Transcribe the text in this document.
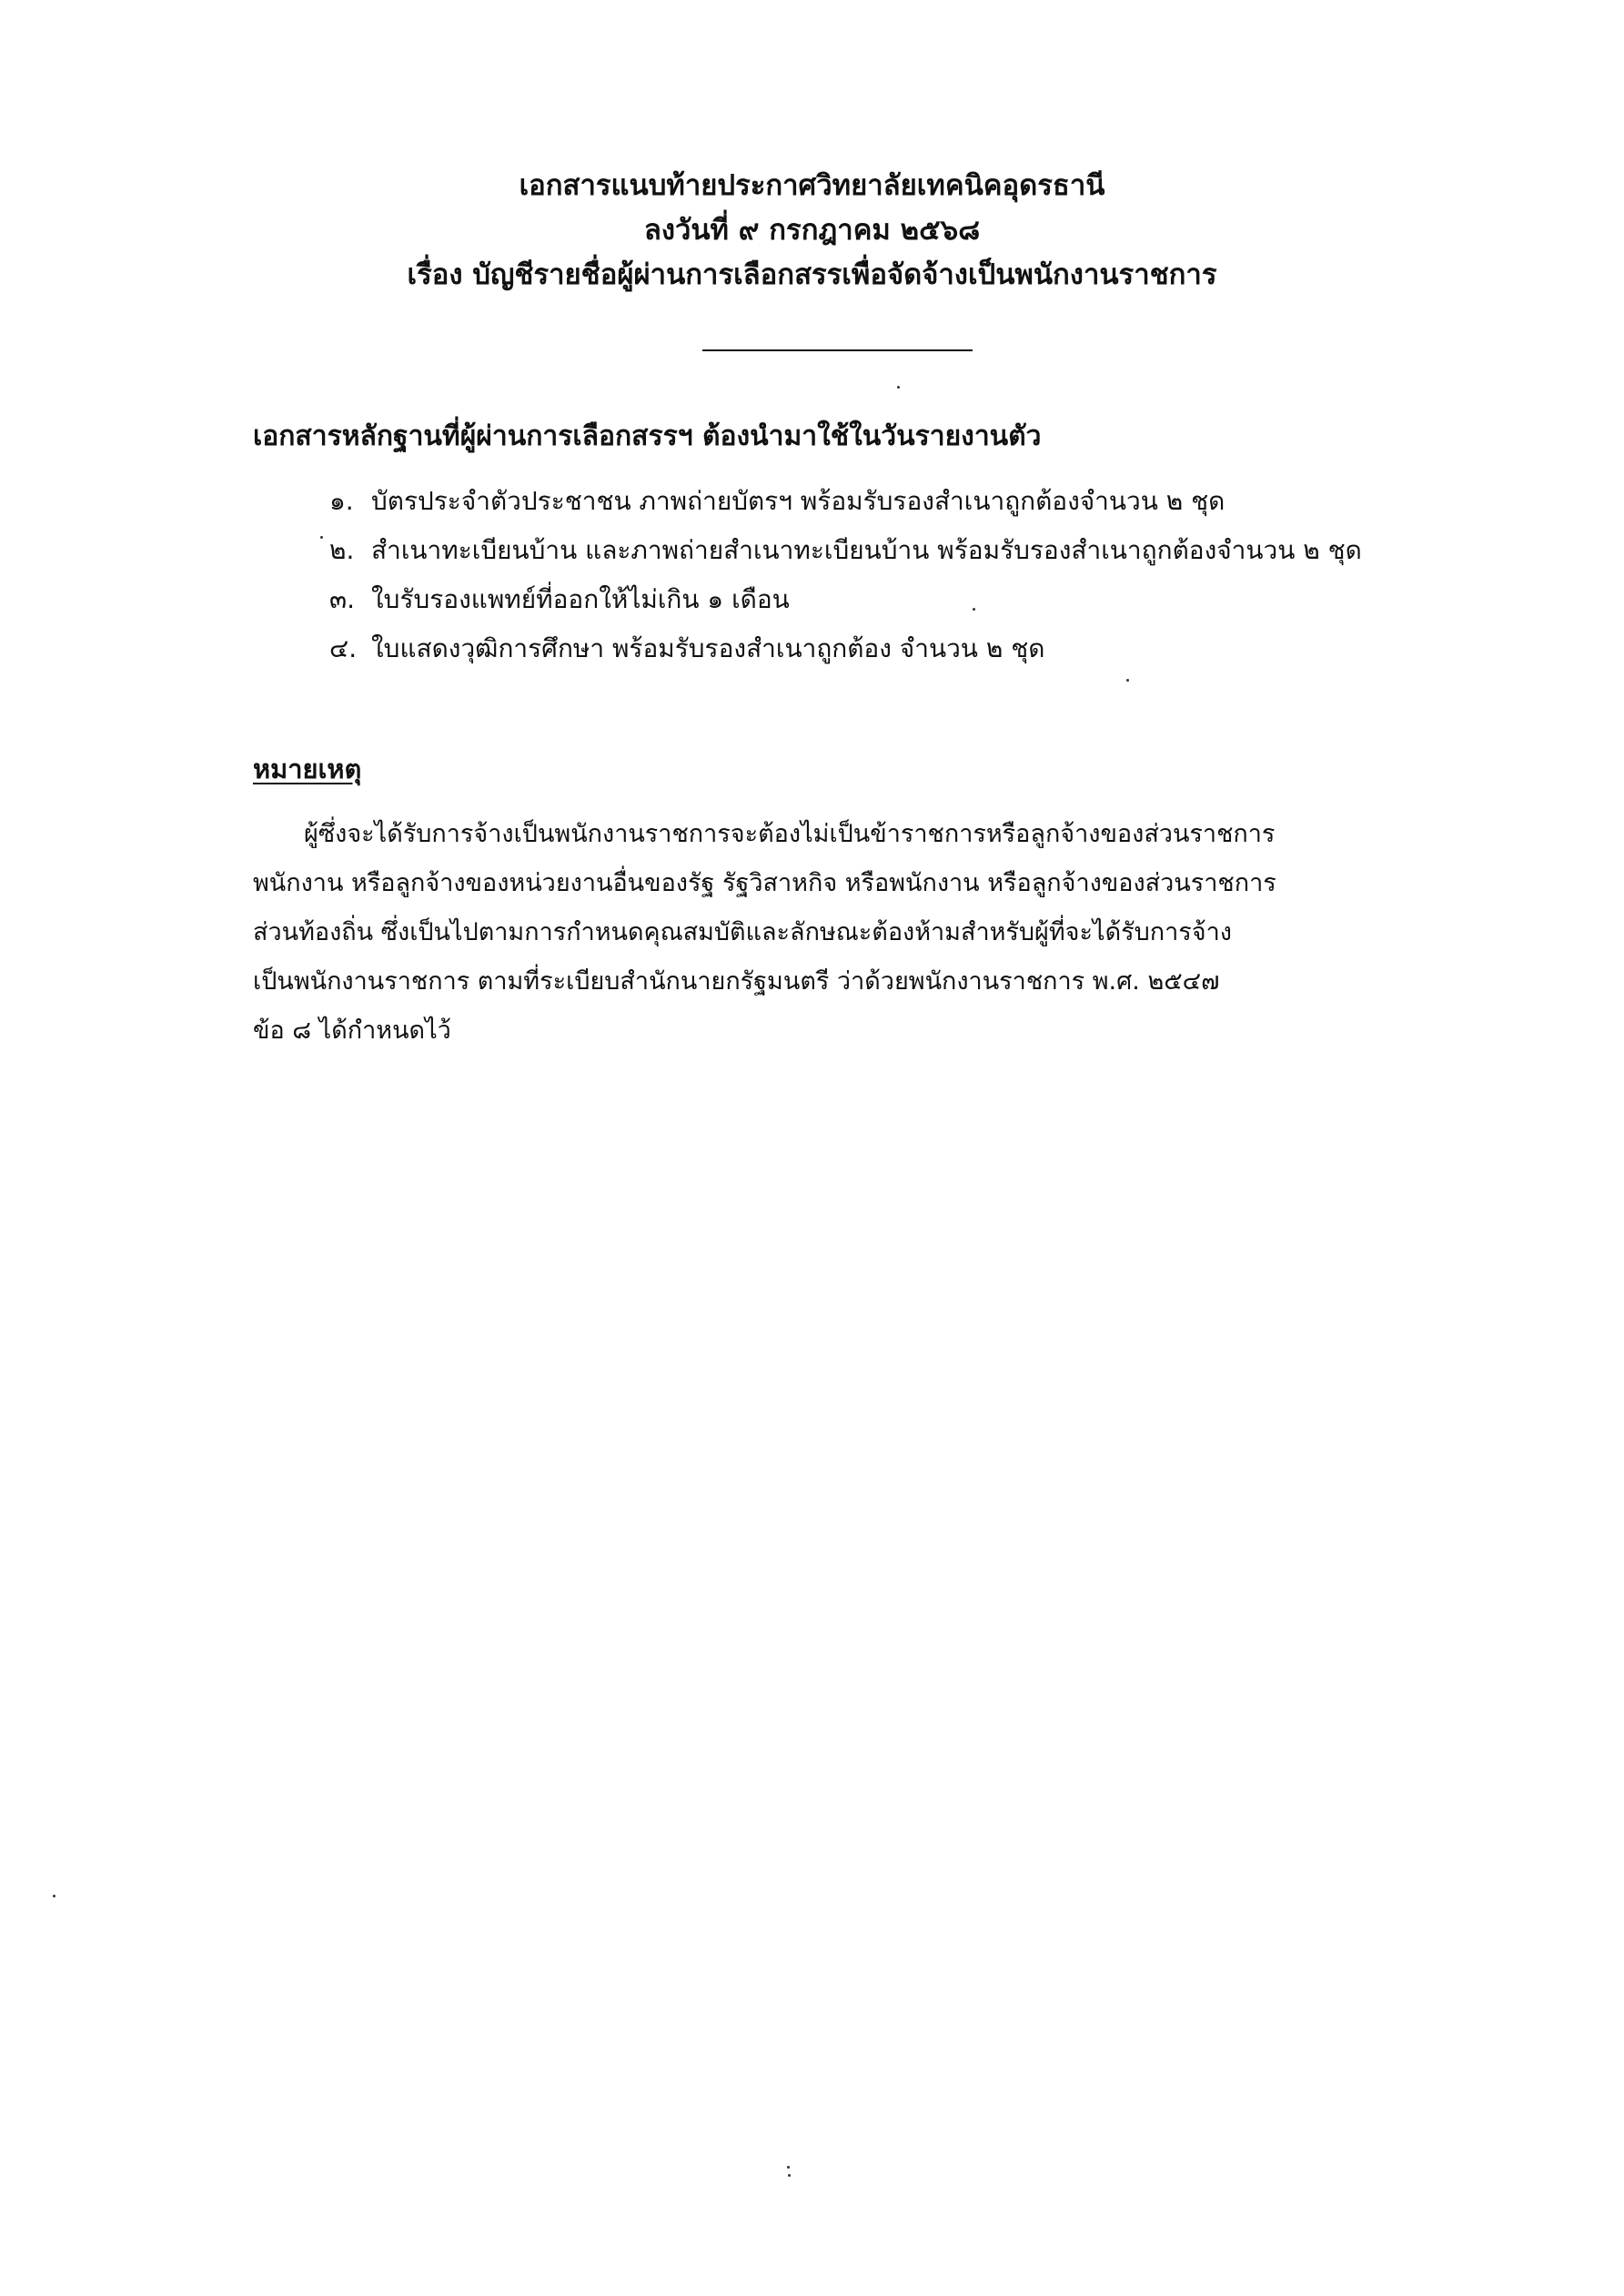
เอกสารแนบท้ายประกาศวิทยาลัยเทคนิคอุดรธานี
ลงวันที่ ๙ กรกฎาคม ๒๕๖๘
เรื่อง บัญชีรายชื่อผู้ผ่านการเลือกสรรเพื่อจัดจ้างเป็นพนักงานราชการ
เอกสารหลักฐานที่ผู้ผ่านการเลือกสรรฯ ต้องนำมาใช้ในวันรายงานตัว
๑. บัตรประจำตัวประชาชน ภาพถ่ายบัตรฯ พร้อมรับรองสำเนาถูกต้องจำนวน ๒ ชุด
๒. สำเนาทะเบียนบ้าน และภาพถ่ายสำเนาทะเบียนบ้าน พร้อมรับรองสำเนาถูกต้องจำนวน ๒ ชุด
๓. ใบรับรองแพทย์ที่ออกให้ไม่เกิน ๑ เดือน
๔. ใบแสดงวุฒิการศึกษา พร้อมรับรองสำเนาถูกต้อง จำนวน ๒ ชุด
หมายเหตุ

ผู้ซึ่งจะได้รับการจ้างเป็นพนักงานราชการจะต้องไม่เป็นข้าราชการหรือลูกจ้างของส่วนราชการ
พนักงาน หรือลูกจ้างของหน่วยงานอื่นของรัฐ รัฐวิสาหกิจ หรือพนักงาน หรือลูกจ้างของส่วนราชการ
ส่วนท้องถิ่น ซึ่งเป็นไปตามการกำหนดคุณสมบัติและลักษณะต้องห้ามสำหรับผู้ที่จะได้รับการจ้าง
เป็นพนักงานราชการ ตามที่ระเบียบสำนักนายกรัฐมนตรี ว่าด้วยพนักงานราชการ พ.ศ. ๒๕๔๗
ข้อ ๘ ได้กำหนดไว้
